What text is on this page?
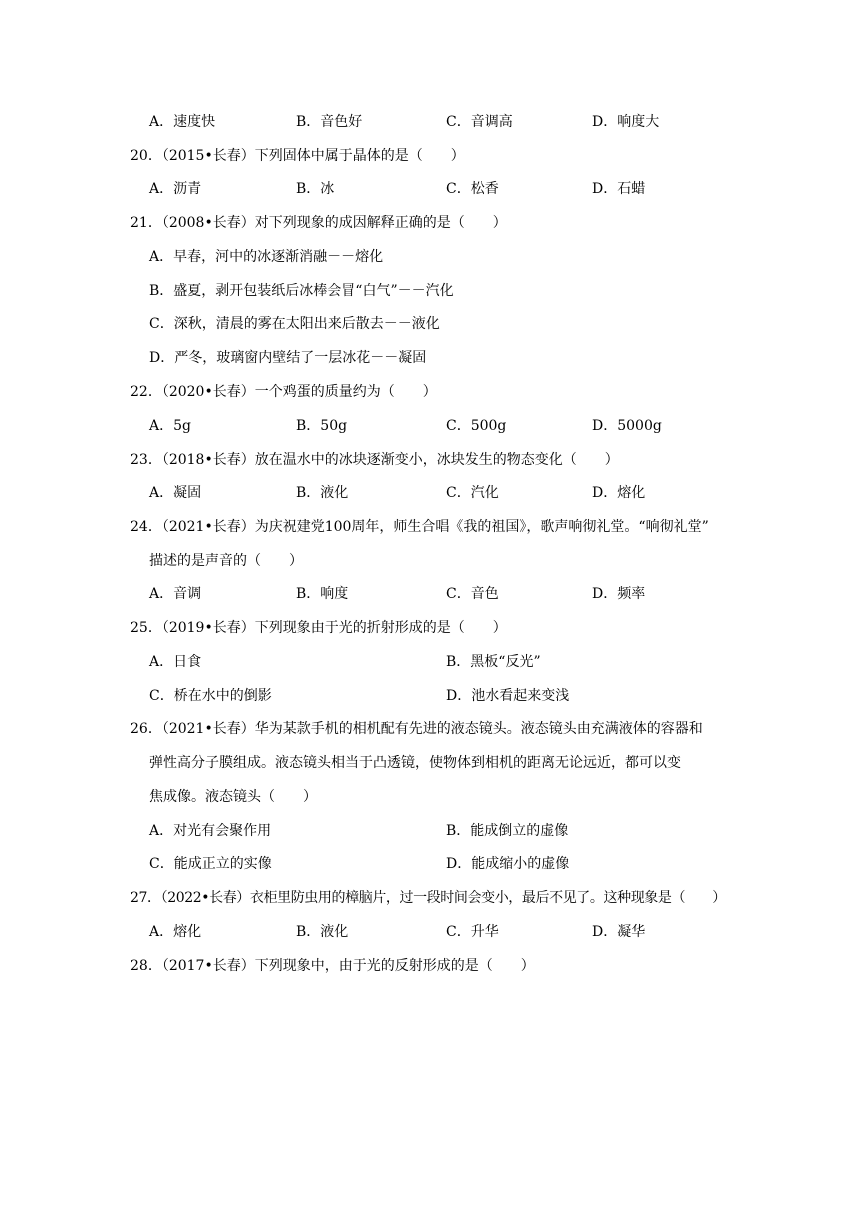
A．速度快	B．音色好	C．音调高	D．响度大
20．（2015•长春）下列固体中属于晶体的是（　　）
A．沥青	B．冰	C．松香	D．石蜡
21．（2008•长春）对下列现象的成因解释正确的是（　　）
A．早春，河中的冰逐渐消融－－熔化
B．盛夏，剥开包装纸后冰棒会冒“白气”－－汽化
C．深秋，清晨的雾在太阳出来后散去－－液化
D．严冬，玻璃窗内壁结了一层冰花－－凝固
22．（2020•长春）一个鸡蛋的质量约为（　　）
A．5g	B．50g	C．500g	D．5000g
23．（2018•长春）放在温水中的冰块逐渐变小，冰块发生的物态变化（　　）
A．凝固	B．液化	C．汽化	D．熔化
24．（2021•长春）为庆祝建党100周年，师生合唱《我的祖国》，歌声响彻礼堂。“响彻礼堂”
描述的是声音的（　　）
A．音调	B．响度	C．音色	D．频率
25．（2019•长春）下列现象由于光的折射形成的是（　　）
A．日食	B．黑板“反光”
C．桥在水中的倒影	D．池水看起来变浅
26．（2021•长春）华为某款手机的相机配有先进的液态镜头。液态镜头由充满液体的容器和
弹性高分子膜组成。液态镜头相当于凸透镜，使物体到相机的距离无论远近，都可以变
焦成像。液态镜头（　　）
A．对光有会聚作用	B．能成倒立的虚像
C．能成正立的实像	D．能成缩小的虚像
27．（2022•长春）衣柜里防虫用的樟脑片，过一段时间会变小，最后不见了。这种现象是（　　）
A．熔化	B．液化	C．升华	D．凝华
28．（2017•长春）下列现象中，由于光的反射形成的是（　　）
